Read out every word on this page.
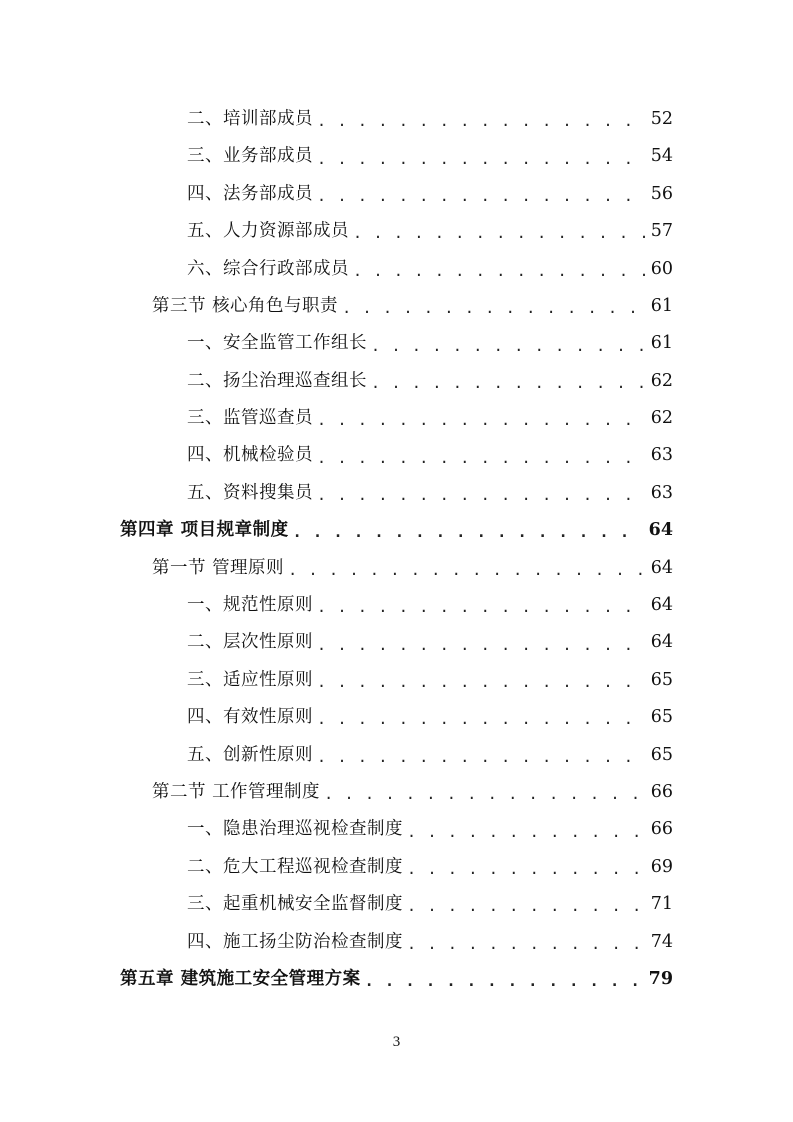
二、培训部成员 . . .	52
三、业务部成员 . . .	54
四、法务部成员 . . .	56
五、人力资源部成员 . . .	57
六、综合行政部成员 . . .	60
第三节 核心角色与职责 . . .	61
一、安全监管工作组长 . . .	61
二、扬尘治理巡查组长 . . .	62
三、监管巡查员 . . .	62
四、机械检验员 . . .	63
五、资料搜集员 . . .	63
第四章 项目规章制度 . . .	64
第一节 管理原则 . . .	64
一、规范性原则 . . .	64
二、层次性原则 . . .	64
三、适应性原则 . . .	65
四、有效性原则 . . .	65
五、创新性原则 . . .	65
第二节 工作管理制度 . . .	66
一、隐患治理巡视检查制度 . . .	66
二、危大工程巡视检查制度 . . .	69
三、起重机械安全监督制度 . . .	71
四、施工扬尘防治检查制度 . . .	74
第五章 建筑施工安全管理方案 . . .	79
3
